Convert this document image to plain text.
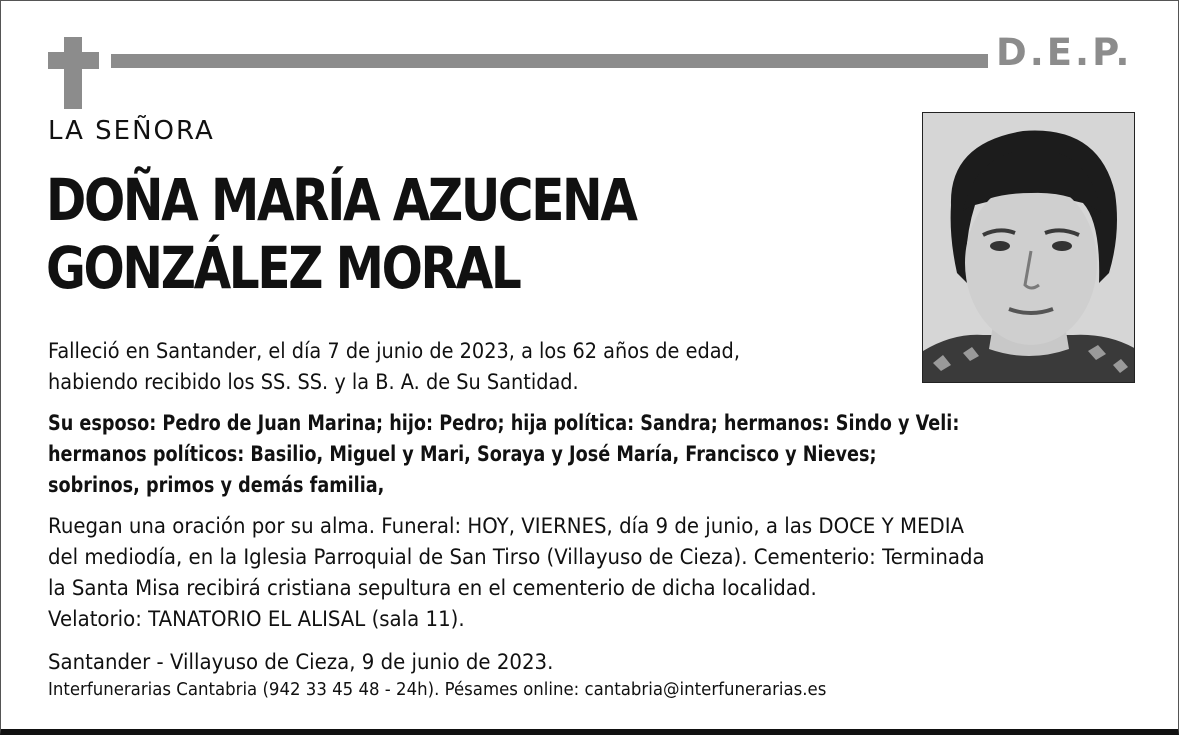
D.E.P.
LA SEÑORA
DOÑA MARÍA AZUCENA
GONZÁLEZ MORAL
Falleció en Santander, el día 7 de junio de 2023, a los 62 años de edad,
habiendo recibido los SS. SS. y la B. A. de Su Santidad.
Su esposo: Pedro de Juan Marina; hijo: Pedro; hija política: Sandra; hermanos: Sindo y Veli:
hermanos políticos: Basilio, Miguel y Mari, Soraya y José María, Francisco y Nieves;
sobrinos, primos y demás familia,
Ruegan una oración por su alma. Funeral: HOY, VIERNES, día 9 de junio, a las DOCE Y MEDIA
del mediodía, en la Iglesia Parroquial de San Tirso (Villayuso de Cieza). Cementerio: Terminada
la Santa Misa recibirá cristiana sepultura en el cementerio de dicha localidad.
Velatorio: TANATORIO EL ALISAL (sala 11).
Santander - Villayuso de Cieza, 9 de junio de 2023.
Interfunerarias Cantabria (942 33 45 48 - 24h). Pésames online: cantabria@interfunerarias.es
